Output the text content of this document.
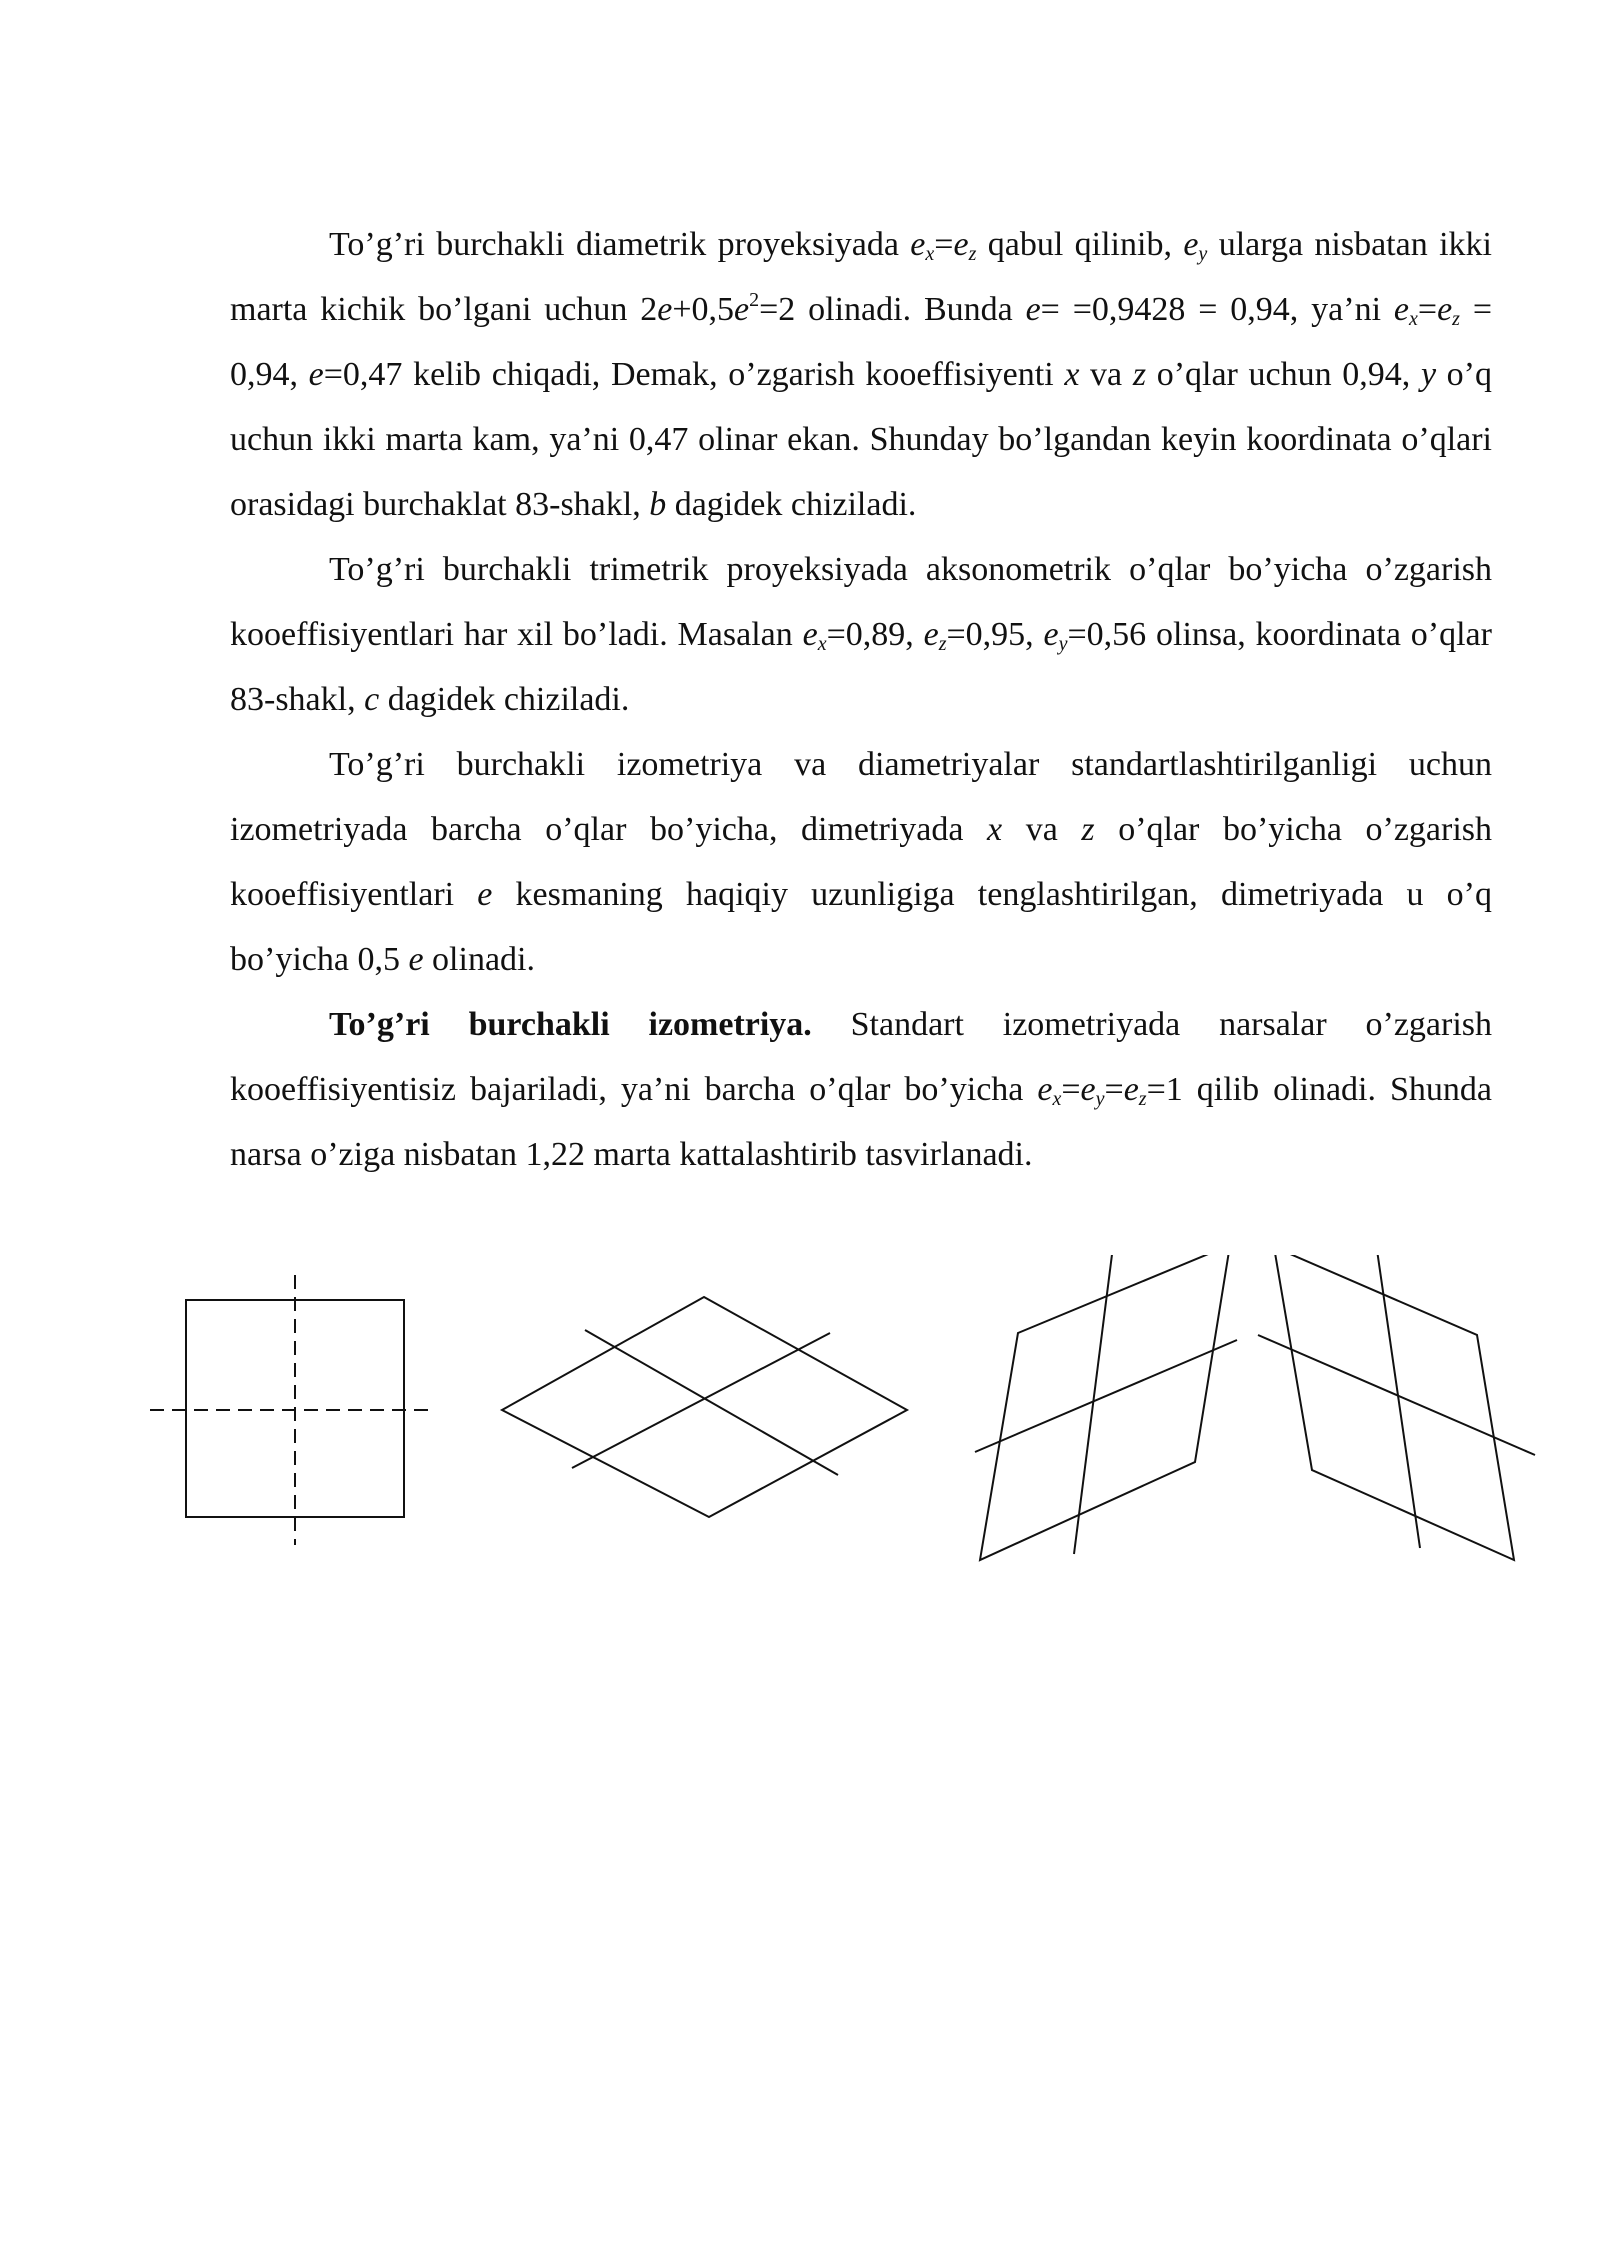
To’g’ri burchakli diametrik proyeksiyada $e_x=e_z$ qabul qilinib, $e_y$ ularga nisbatan ikki marta kichik bo’lgani uchun $2e+0,5e^2=2$ olinadi. Bunda e= =0,9428 = 0,94, ya’ni $e_x=e_z = 0,94$, e=0,47 kelib chiqadi, Demak, o’zgarish kooeffisiyenti x va z o’qlar uchun 0,94, y o’q uchun ikki marta kam, ya’ni 0,47 olinar ekan. Shunday bo’lgandan keyin koordinata o’qlari orasidagi burchaklat 83-shakl, b dagidek chiziladi.

To’g’ri burchakli trimetrik proyeksiyada aksonometrik o’qlar bo’yicha o’zgarish kooeffisiyentlari har xil bo’ladi. Masalan $e_x=0,89$, $e_z=0,95$, $e_y=0,56$ olinsa, koordinata o’qlar 83-shakl, c dagidek chiziladi.

To’g’ri burchakli izometriya va diametriyalar standartlashtirilganligi uchun izometriyada barcha o’qlar bo’yicha, dimetriyada x va z o’qlar bo’yicha o’zgarish kooeffisiyentlari e kesmaning haqiqiy uzunligiga tenglashtirilgan, dimetriyada u o’q bo’yicha 0,5 e olinadi.

To’g’ri burchakli izometriya. Standart izometriyada narsalar o’zgarish kooeffisiyentisiz bajariladi, ya’ni barcha o’qlar bo’yicha $e_x=e_y=e_z=1$ qilib olinadi. Shunda narsa o’ziga nisbatan 1,22 marta kattalashtirib tasvirlanadi.
